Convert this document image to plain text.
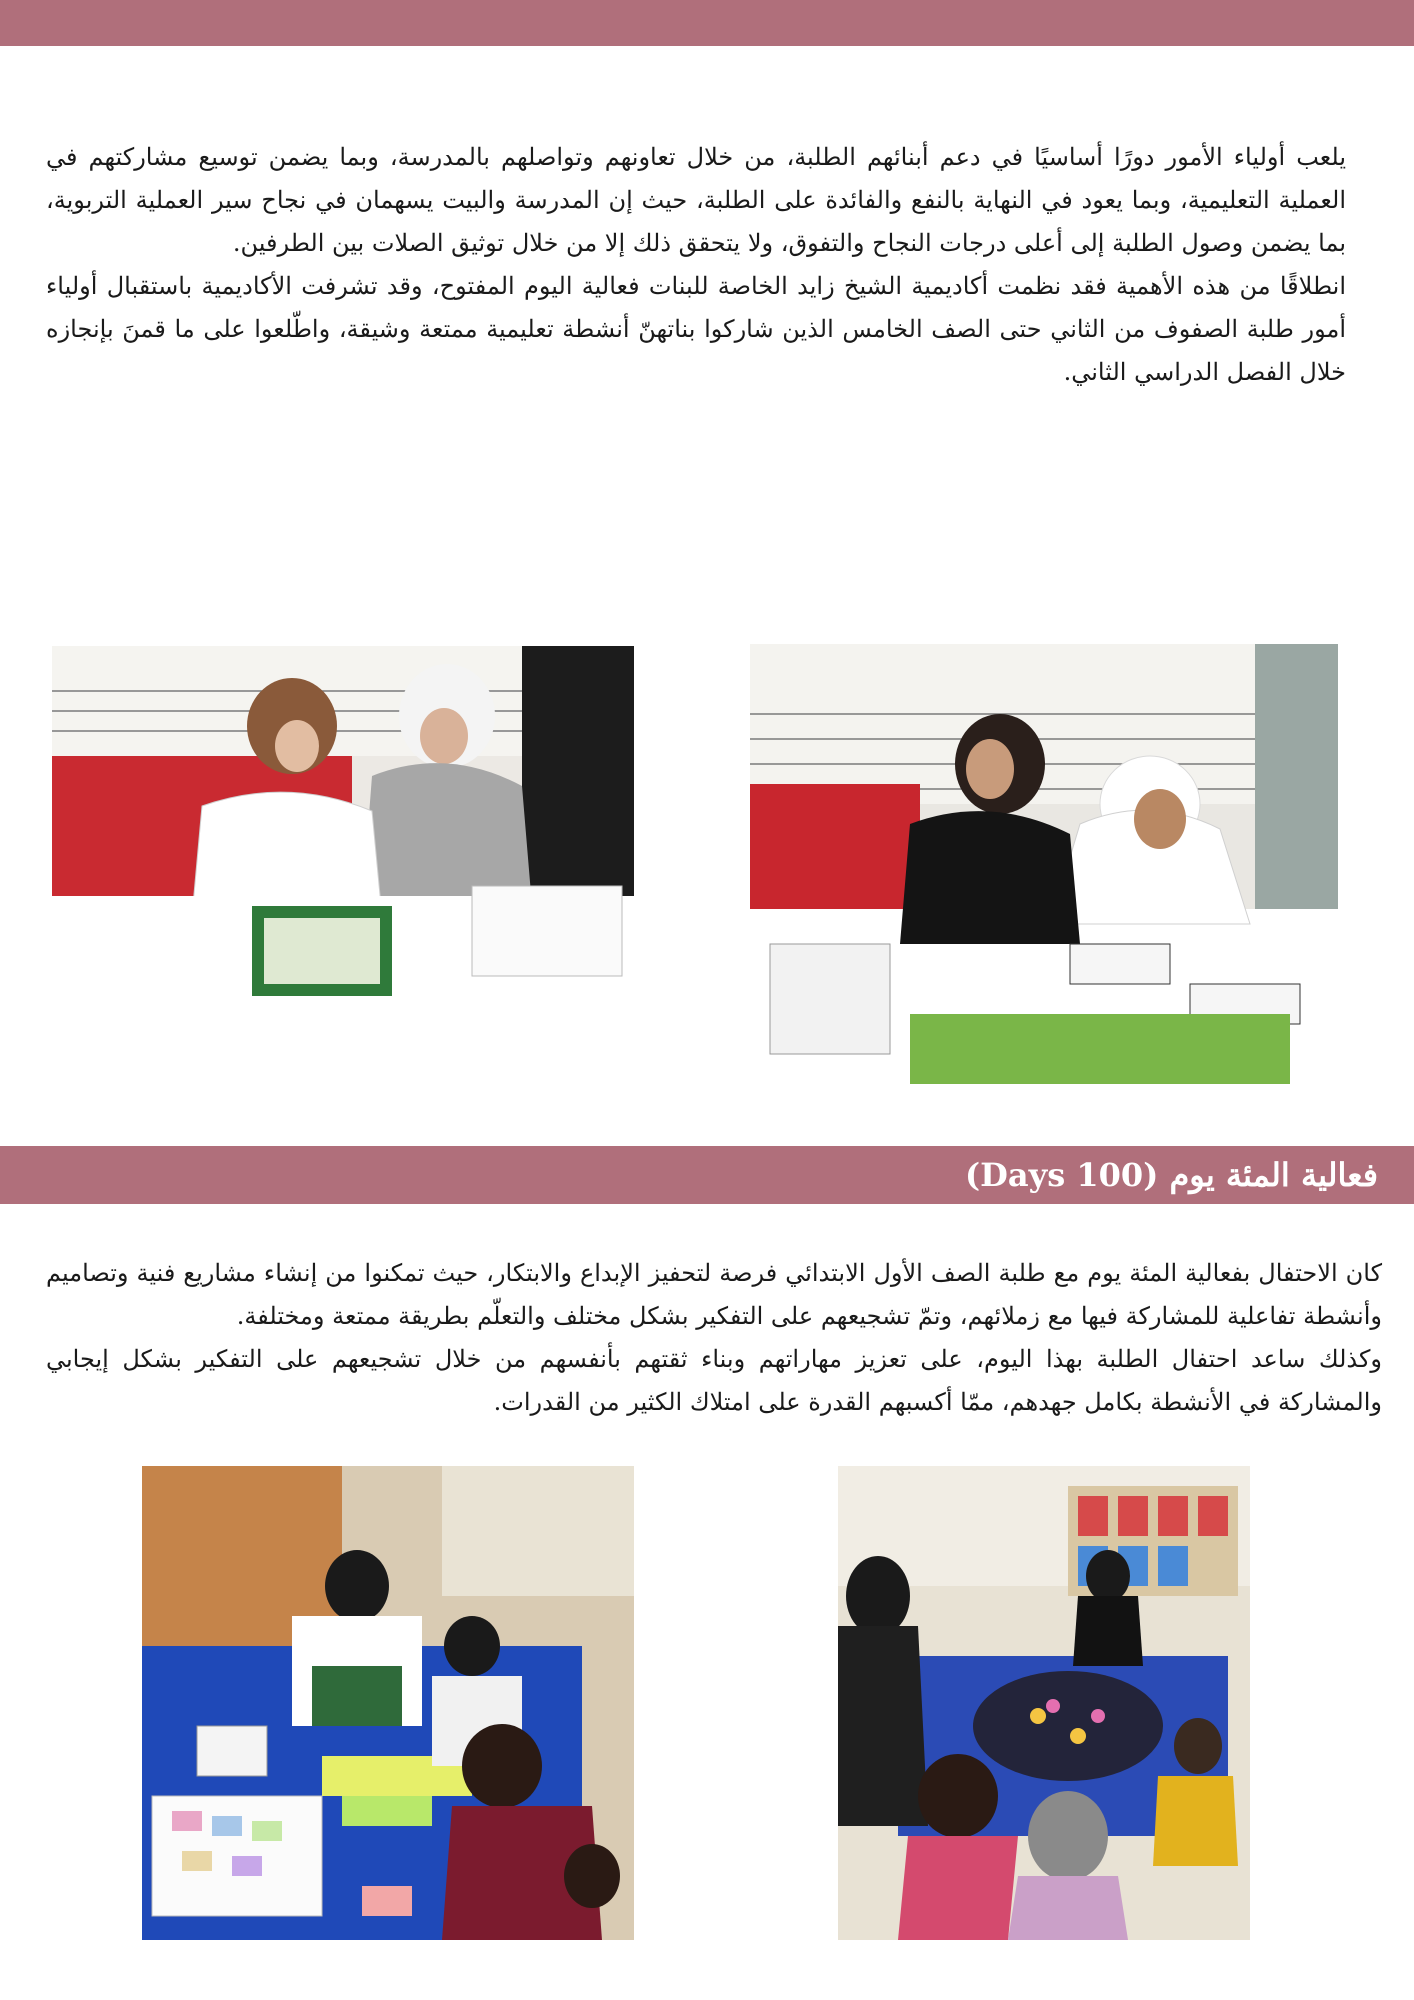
يلعب أولياء الأمور دورًا أساسيًا في دعم أبنائهم الطلبة، من خلال تعاونهم وتواصلهم بالمدرسة، وبما يضمن توسيع مشاركتهم في العملية التعليمية، وبما يعود في النهاية بالنفع والفائدة على الطلبة، حيث إن المدرسة والبيت يسهمان في نجاح سير العملية التربوية، بما يضمن وصول الطلبة إلى أعلى درجات النجاح والتفوق، ولا يتحقق ذلك إلا من خلال توثيق الصلات بين الطرفين.

انطلاقًا من هذه الأهمية فقد نظمت أكاديمية الشيخ زايد الخاصة للبنات فعالية اليوم المفتوح، وقد تشرفت الأكاديمية باستقبال أولياء أمور طلبة الصفوف من الثاني حتى الصف الخامس الذين شاركوا بناتهنّ أنشطة تعليمية ممتعة وشيقة، واطّلعوا على ما قمنَ بإنجازه خلال الفصل الدراسي الثاني.

فعالية المئة يوم (Days 100)

كان الاحتفال بفعالية المئة يوم مع طلبة الصف الأول الابتدائي فرصة لتحفيز الإبداع والابتكار، حيث تمكنوا من إنشاء مشاريع فنية وتصاميم وأنشطة تفاعلية للمشاركة فيها مع زملائهم، وتمّ تشجيعهم على التفكير بشكل مختلف والتعلّم بطريقة ممتعة ومختلفة.

وكذلك ساعد احتفال الطلبة بهذا اليوم، على تعزيز مهاراتهم وبناء ثقتهم بأنفسهم من خلال تشجيعهم على التفكير بشكل إيجابي والمشاركة في الأنشطة بكامل جهدهم، ممّا أكسبهم القدرة على امتلاك الكثير من القدرات.
